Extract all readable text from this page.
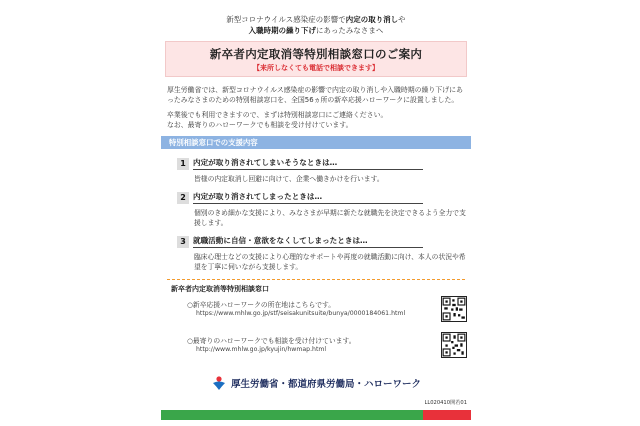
新型コロナウイルス感染症の影響で内定の取り消しや
入職時期の繰り下げにあったみなさまへ
新卒者内定取消等特別相談窓口のご案内
【来所しなくても電話で相談できます】

厚生労働省では、新型コロナウイルス感染症の影響で内定の取り消しや入職時期の繰り下げにあったみなさまのための特別相談窓口を、全国56ヵ所の新卒応援ハローワークに設置しました。

卒業後でも利用できますので、まずは特別相談窓口にご連絡ください。
なお、最寄りのハローワークでも相談を受け付けています。

特別相談窓口での支援内容
1 内定が取り消されてしまいそうなときは…
皆様の内定取消し回避に向けて、企業へ働きかけを行います。
2 内定が取り消されてしまったときは…
個別のきめ細かな支援により、みなさまが早期に新たな就職先を決定できるよう全力で支援します。
3 就職活動に自信・意欲をなくしてしまったときは…
臨床心理士などの支援により心理的なサポートや再度の就職活動に向け、本人の状況や希望を丁寧に伺いながら支援します。
新卒者内定取消等特別相談窓口
○新卒応援ハローワークの所在地はこちらです。
https://www.mhlw.go.jp/stf/seisakunitsuite/bunya/0000184061.html
○最寄りのハローワークでも相談を受け付けています。
http://www.mhlw.go.jp/kyujin/hwmap.html
厚生労働省・都道府県労働局・ハローワーク
LL020410開若01
